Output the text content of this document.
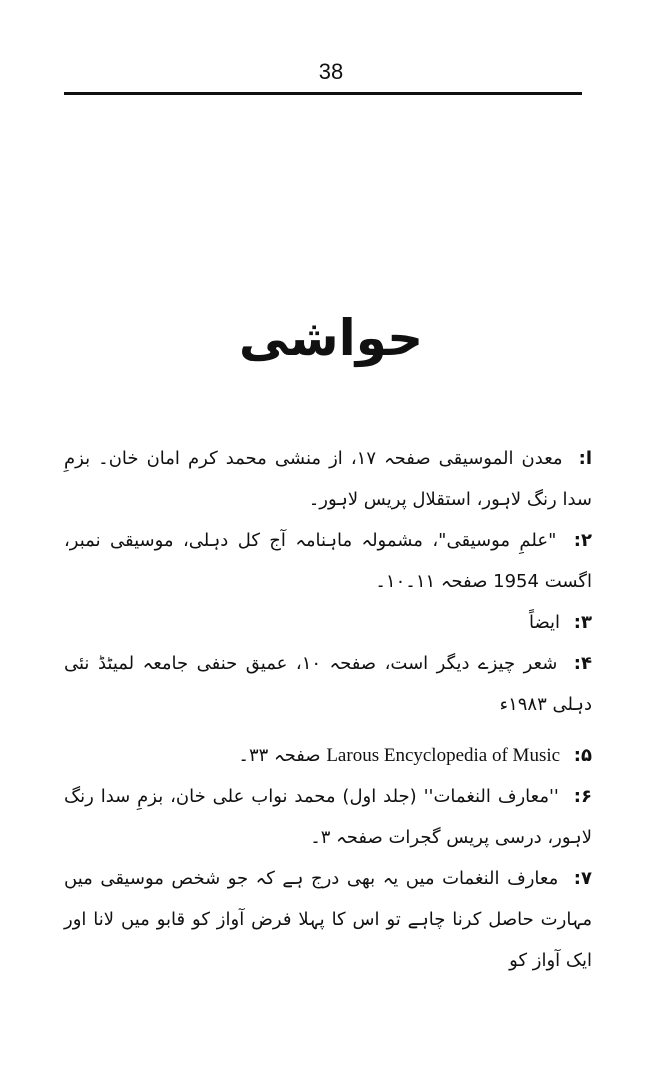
38
حواشی

ا: معدن الموسیقی صفحہ ۱۷، از منشی محمد کرم امان خان۔ بزمِ سدا رنگ لاہور، استقلال پریس لاہور۔

۲: "علمِ موسیقی"، مشمولہ ماہنامہ آج کل دہلی، موسیقی نمبر، اگست 1954 صفحہ ۱۱۔۱۰۔

۳: ایضاً

۴: شعر چیزے دیگر است، صفحہ ۱۰، عمیق حنفی جامعہ لمیٹڈ نئی دہلی ۱۹۸۳ء

۵: Larous Encyclopedia of Music صفحہ ۳۳۔

۶: ''معارف النغمات'' (جلد اول) محمد نواب علی خان، بزمِ سدا رنگ لاہور، درسی پریس گجرات صفحہ ۳۔

۷: معارف النغمات میں یہ بھی درج ہے کہ جو شخص موسیقی میں مہارت حاصل کرنا چاہے تو اس کا پہلا فرض آواز کو قابو میں لانا اور ایک آواز کو
